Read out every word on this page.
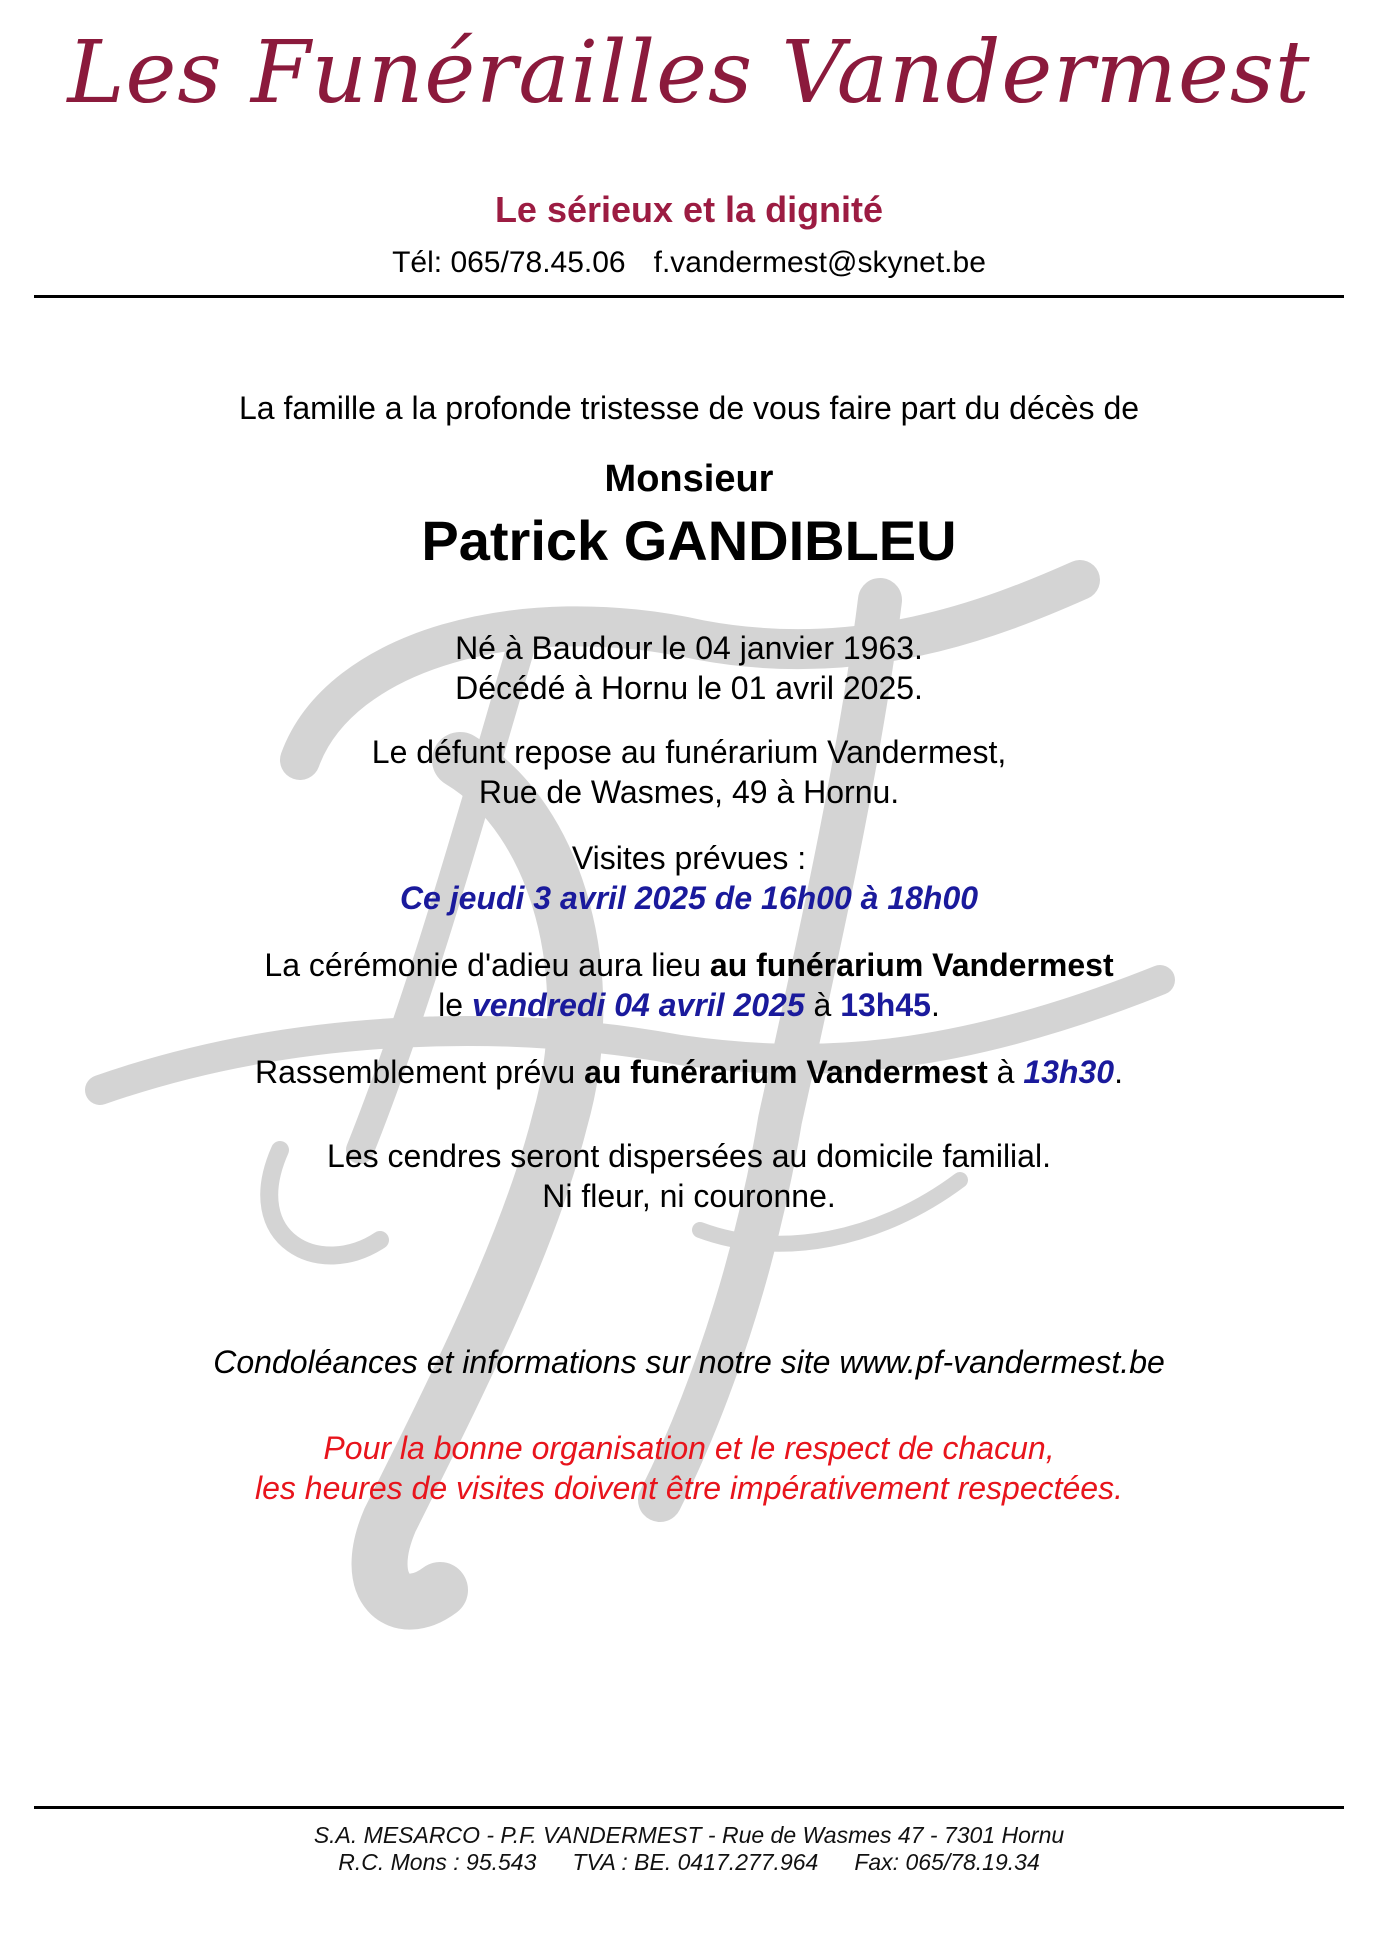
Les Funérailles Vandermest
Le sérieux et la dignité
Tél: 065/78.45.06 f.vandermest@skynet.be
La famille a la profonde tristesse de vous faire part du décès de
Monsieur
Patrick GANDIBLEU
Né à Baudour le 04 janvier 1963.
Décédé à Hornu le 01 avril 2025.
Le défunt repose au funérarium Vandermest,
Rue de Wasmes, 49 à Hornu.
Visites prévues :
Ce jeudi 3 avril 2025 de 16h00 à 18h00
La cérémonie d'adieu aura lieu au funérarium Vandermest
le vendredi 04 avril 2025 à 13h45.
Rassemblement prévu au funérarium Vandermest à 13h30.
Les cendres seront dispersées au domicile familial.
Ni fleur, ni couronne.
Condoléances et informations sur notre site www.pf-vandermest.be
Pour la bonne organisation et le respect de chacun,
les heures de visites doivent être impérativement respectées.
S.A. MESARCO - P.F. VANDERMEST - Rue de Wasmes 47 - 7301 Hornu
R.C. Mons : 95.543 TVA : BE. 0417.277.964 Fax: 065/78.19.34
